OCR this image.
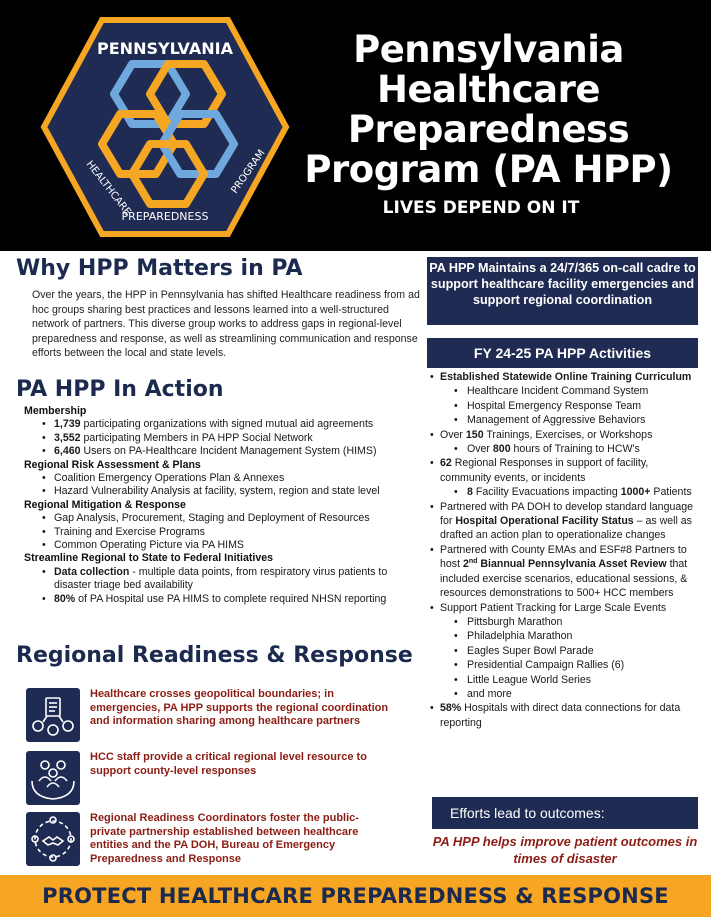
PENNSYLVANIA
HEALTHCARE	PROGRAM
PREPAREDNESS
Pennsylvania
Healthcare
Preparedness
Program (PA HPP)
LIVES DEPEND ON IT
Why HPP Matters in PA

Over the years, the HPP in Pennsylvania has shifted Healthcare readiness from ad hoc groups sharing best practices and lessons learned into a well-structured network of partners. This diverse group works to address gaps in regional-level preparedness and response, as well as streamlining communication and response efforts between the local and state levels.

PA HPP In Action
Membership
• 1,739 participating organizations with signed mutual aid agreements
• 3,552 participating Members in PA HPP Social Network
• 6,460 Users on PA-Healthcare Incident Management System (HIMS)
Regional Risk Assessment & Plans
• Coalition Emergency Operations Plan & Annexes
• Hazard Vulnerability Analysis at facility, system, region and state level
Regional Mitigation & Response
• Gap Analysis, Procurement, Staging and Deployment of Resources
• Training and Exercise Programs
• Common Operating Picture via PA HIMS
Streamline Regional to State to Federal Initiatives
• Data collection - multiple data points, from respiratory virus patients to disaster triage bed availability
• 80% of PA Hospital use PA HIMS to complete required NHSN reporting
Regional Readiness & Response
Healthcare crosses geopolitical boundaries; in emergencies, PA HPP supports the regional coordination and information sharing among healthcare partners
HCC staff provide a critical regional level resource to support county-level responses
Regional Readiness Coordinators foster the public-private partnership established between healthcare entities and the PA DOH, Bureau of Emergency Preparedness and Response
PA HPP Maintains a 24/7/365 on-call cadre to support healthcare facility emergencies and support regional coordination
FY 24-25 PA HPP Activities
• Established Statewide Online Training Curriculum
• Healthcare Incident Command System
• Hospital Emergency Response Team
• Management of Aggressive Behaviors
• Over 150 Trainings, Exercises, or Workshops
• Over 800 hours of Training to HCW's
• 62 Regional Responses in support of facility, community events, or incidents
• 8 Facility Evacuations impacting 1000+ Patients
• Partnered with PA DOH to develop standard language for Hospital Operational Facility Status – as well as drafted an action plan to operationalize changes
• Partnered with County EMAs and ESF#8 Partners to host 2nd Biannual Pennsylvania Asset Review that included exercise scenarios, educational sessions, & resources demonstrations to 500+ HCC members
• Support Patient Tracking for Large Scale Events
• Pittsburgh Marathon
• Philadelphia Marathon
• Eagles Super Bowl Parade
• Presidential Campaign Rallies (6)
• Little League World Series
• and more
• 58% Hospitals with direct data connections for data reporting
Efforts lead to outcomes:
PA HPP helps improve patient outcomes in times of disaster
PROTECT HEALTHCARE PREPAREDNESS & RESPONSE
